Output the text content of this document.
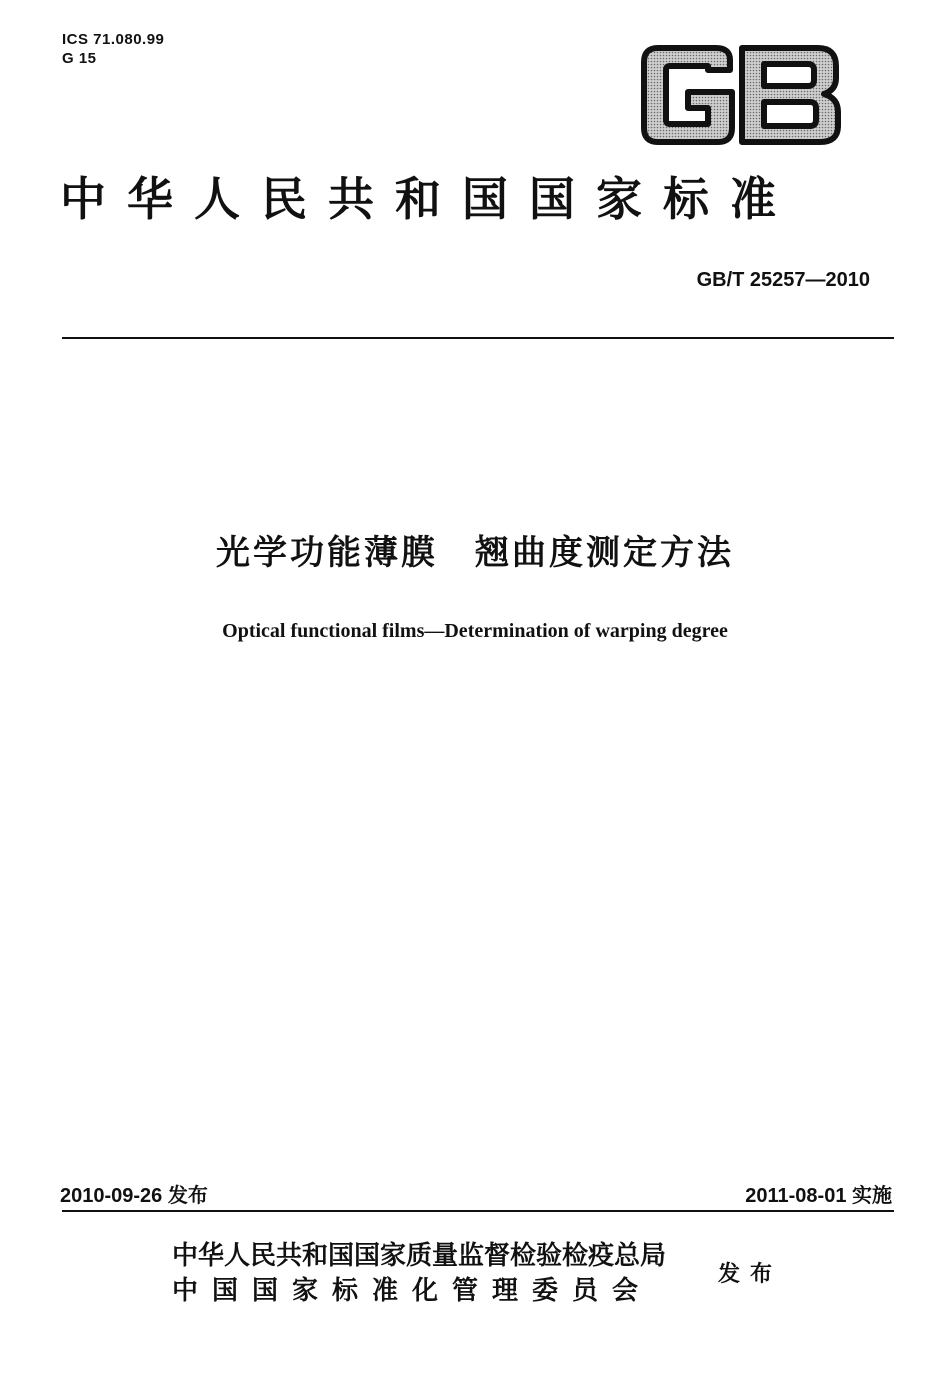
ICS 71.080.99
G 15
中华人民共和国国家标准
GB/T 25257—2010
光学功能薄膜　翘曲度测定方法
Optical functional films—Determination of warping degree
2010-09-26 发布	2011-08-01 实施
中华人民共和国国家质量监督检验检疫总局
中国国家标准化管理委员会
发布
